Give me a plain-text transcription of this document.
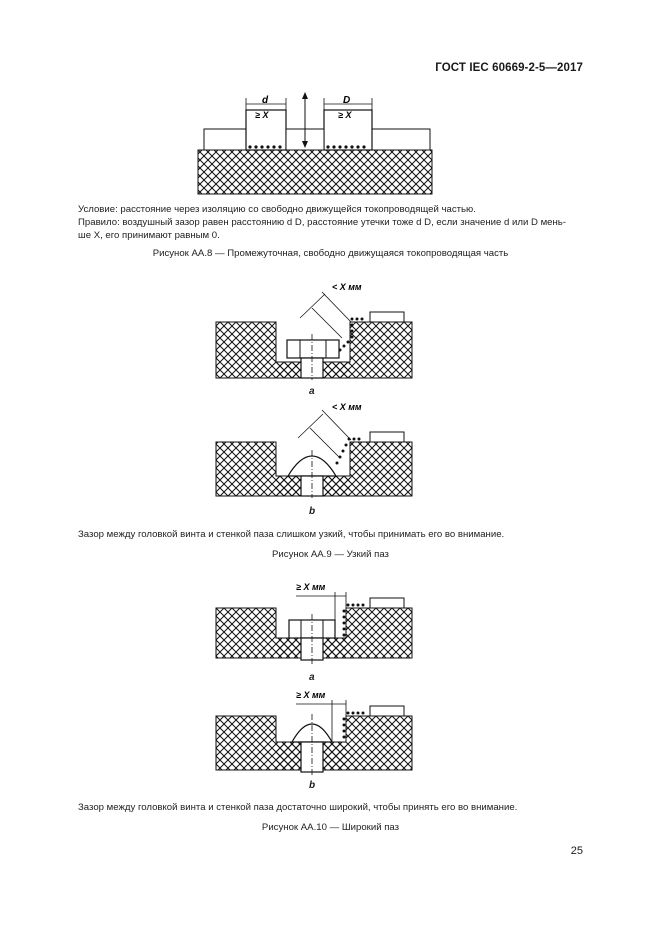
ГОСТ IEC 60669-2-5—2017
d	D
≥ X	≥ X
Условие: расстояние через изоляцию со свободно движущейся токопроводящей частью.
Правило: воздушный зазор равен расстоянию d D, расстояние утечки тоже d D, если значение d или D мень-
ше X, его принимают равным 0.
Рисунок АА.8 — Промежуточная, свободно движущаяся токопроводящая часть
< X мм
а
< X мм
b
Зазор между головкой винта и стенкой паза слишком узкий, чтобы принимать его во внимание.
Рисунок АА.9 — Узкий паз
≥ X мм
а
≥ X мм
b
Зазор между головкой винта и стенкой паза достаточно широкий, чтобы принять его во внимание.
Рисунок АА.10 — Широкий паз
25
